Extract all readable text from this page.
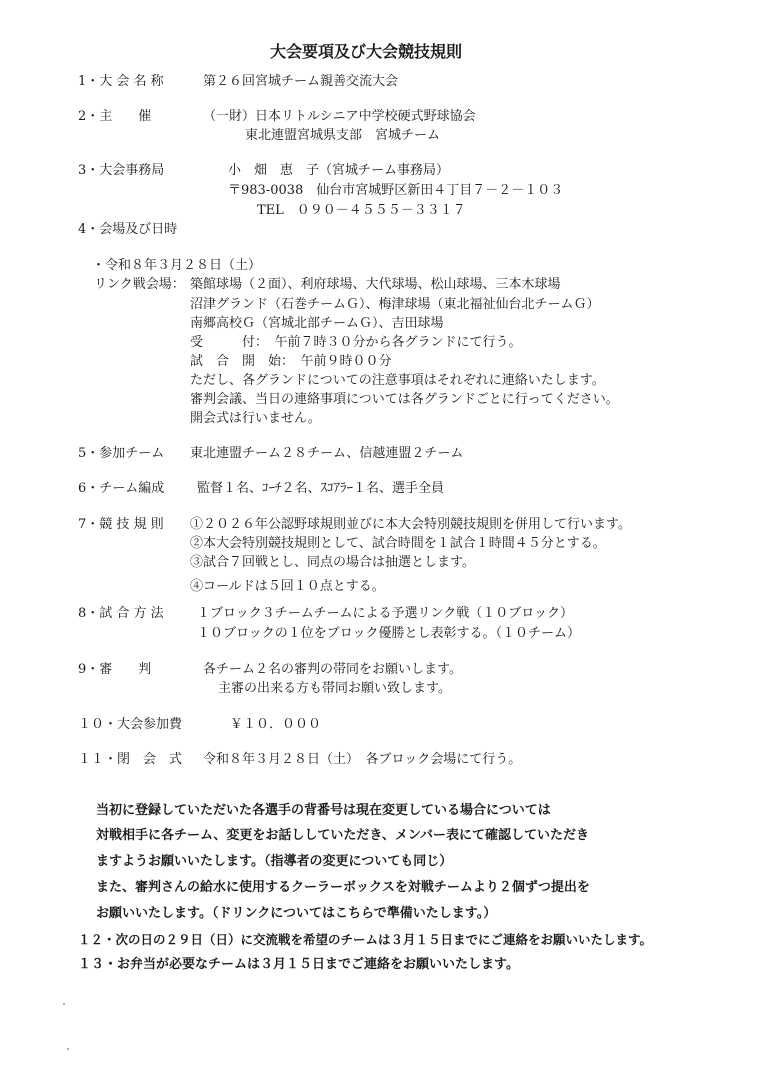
大会要項及び大会競技規則
1・大 会 名 称	第２６回宮城チーム親善交流大会
2・主　　催	（一財）日本リトルシニア中学校硬式野球協会
東北連盟宮城県支部　宮城チーム
3・大会事務局	小　畑　恵　子（宮城チーム事務局）
〒983-0038　仙台市宮城野区新田４丁目７－２－１０３
TEL　０９０－４５５５－３３１７
4・会場及び日時
・令和８年３月２８日（土）
リンク戦会場： 築館球場（２面）、利府球場、大代球場、松山球場、三本木球場
沼津グランド（石巻チームＧ）、梅津球場（東北福祉仙台北チームＧ）
南郷高校Ｇ（宮城北部チームＧ）、吉田球場
受　　　付：　午前７時３０分から各グランドにて行う。
試　合　開　始：　午前９時００分
ただし、各グランドについての注意事項はそれぞれに連絡いたします。
審判会議、当日の連絡事項については各グランドごとに行ってください。
開会式は行いません。
5・参加チーム 東北連盟チーム２８チーム、信越連盟２チーム
6・チーム編成	監督１名、ｺｰﾁ２名、ｽｺｱﾗｰ１名、選手全員
7・競 技 規 則 ①２０２６年公認野球規則並びに本大会特別競技規則を併用して行います。
②本大会特別競技規則として、試合時間を１試合１時間４５分とする。
③試合７回戦とし、同点の場合は抽選とします。
④コールドは５回１０点とする。
8・試 合 方 法	１ブロック３チームチームによる予選リンク戦（１０ブロック）
１０ブロックの１位をブロック優勝とし表彰する。（１０チーム）
9・審　　判	各チーム２名の審判の帯同をお願いします。
主審の出来る方も帯同お願い致します。
１０・大会参加費	￥１０．０００
１１・閉　会　式 令和８年３月２８日（土）　各ブロック会場にて行う。
当初に登録していただいた各選手の背番号は現在変更している場合については
対戦相手に各チーム、変更をお話ししていただき、メンバー表にて確認していただき
ますようお願いいたします。（指導者の変更についても同じ）
また、審判さんの給水に使用するクーラーボックスを対戦チームより２個ずつ提出を
お願いいたします。（ドリンクについてはこちらで準備いたします。）
１２・次の日の２９日（日）に交流戦を希望のチームは３月１５日までにご連絡をお願いいたします。
１３・お弁当が必要なチームは３月１５日までご連絡をお願いいたします。
